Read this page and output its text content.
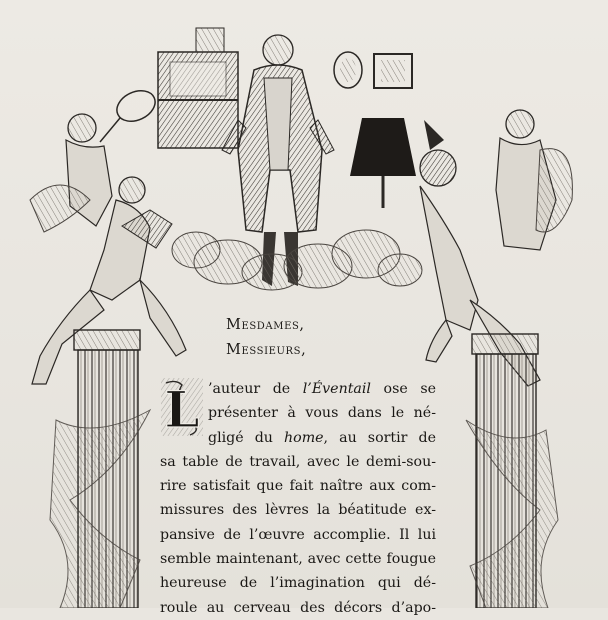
Mesdames,
Messieurs,
L ’auteur de l’Éventail ose se
présenter à vous dans le né-
gligé du home, au sortir de
sa table de travail, avec le demi-sou-
rire satisfait que fait naître aux com-
missures des lèvres la béatitude ex-
pansive de l’œuvre accomplie. Il lui
semble maintenant, avec cette fougue
heureuse de l’imagination qui dé-
roule au cerveau des décors d’apo-
